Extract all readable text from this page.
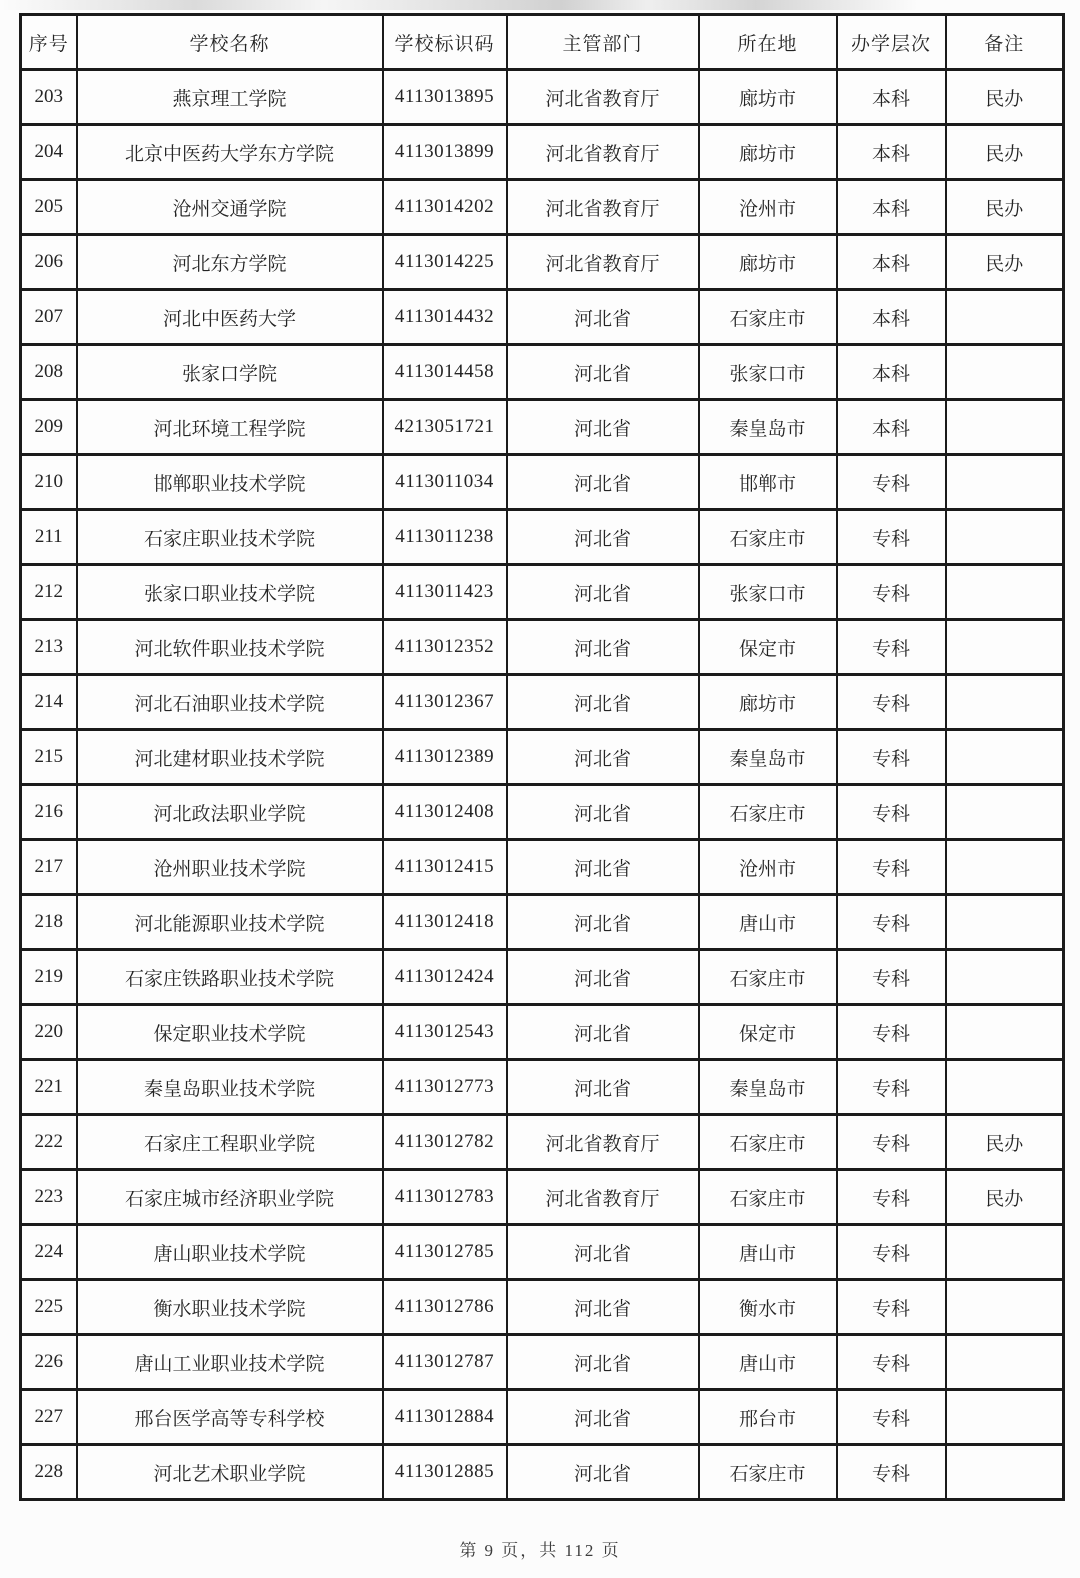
序号	学校名称	学校标识码	主管部门	所在地	办学层次	备注
203	燕京理工学院	4113013895	河北省教育厅	廊坊市	本科	民办
204	北京中医药大学东方学院	4113013899	河北省教育厅	廊坊市	本科	民办
205	沧州交通学院	4113014202	河北省教育厅	沧州市	本科	民办
206	河北东方学院	4113014225	河北省教育厅	廊坊市	本科	民办
207	河北中医药大学	4113014432	河北省	石家庄市	本科	
208	张家口学院	4113014458	河北省	张家口市	本科	
209	河北环境工程学院	4213051721	河北省	秦皇岛市	本科	
210	邯郸职业技术学院	4113011034	河北省	邯郸市	专科	
211	石家庄职业技术学院	4113011238	河北省	石家庄市	专科	
212	张家口职业技术学院	4113011423	河北省	张家口市	专科	
213	河北软件职业技术学院	4113012352	河北省	保定市	专科	
214	河北石油职业技术学院	4113012367	河北省	廊坊市	专科	
215	河北建材职业技术学院	4113012389	河北省	秦皇岛市	专科	
216	河北政法职业学院	4113012408	河北省	石家庄市	专科	
217	沧州职业技术学院	4113012415	河北省	沧州市	专科	
218	河北能源职业技术学院	4113012418	河北省	唐山市	专科	
219	石家庄铁路职业技术学院	4113012424	河北省	石家庄市	专科	
220	保定职业技术学院	4113012543	河北省	保定市	专科	
221	秦皇岛职业技术学院	4113012773	河北省	秦皇岛市	专科	
222	石家庄工程职业学院	4113012782	河北省教育厅	石家庄市	专科	民办
223	石家庄城市经济职业学院	4113012783	河北省教育厅	石家庄市	专科	民办
224	唐山职业技术学院	4113012785	河北省	唐山市	专科	
225	衡水职业技术学院	4113012786	河北省	衡水市	专科	
226	唐山工业职业技术学院	4113012787	河北省	唐山市	专科	
227	邢台医学高等专科学校	4113012884	河北省	邢台市	专科	
228	河北艺术职业学院	4113012885	河北省	石家庄市	专科	
第 9 页，共 112 页
